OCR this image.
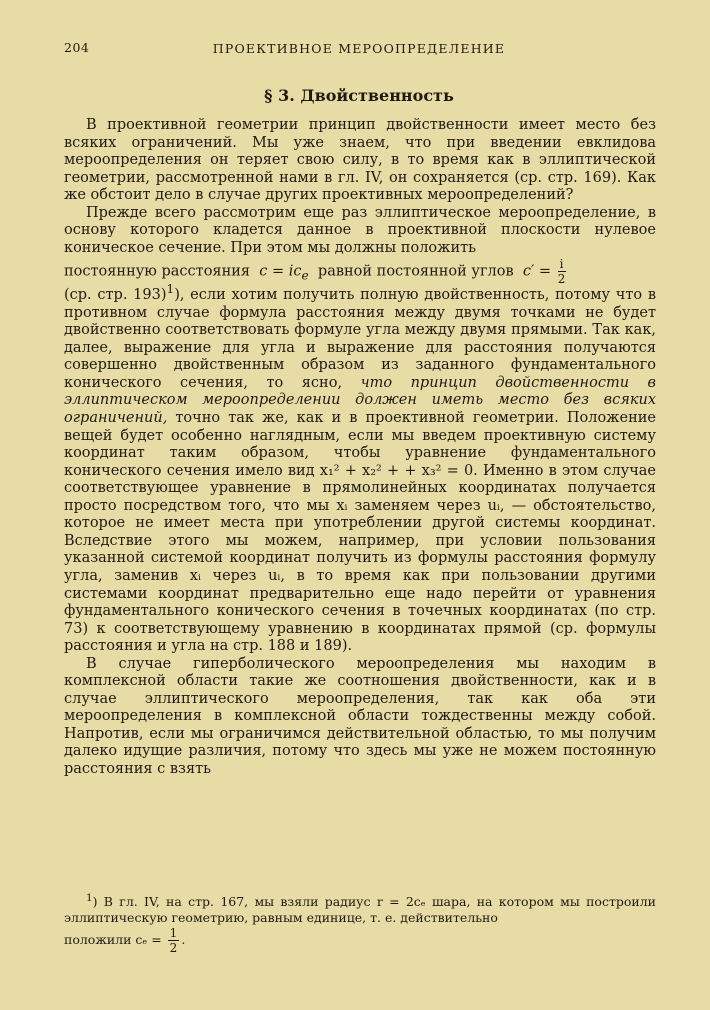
204	ПРОЕКТИВНОЕ МЕРООПРЕДЕЛЕНИЕ
§ 3. Двойственность

В проективной геометрии принцип двойственности имеет место без всяких ограничений. Мы уже знаем, что при введении евклидова мероопределения он теряет свою силу, в то время как в эллиптической геометрии, рассмотренной нами в гл. IV, он сохраняется (ср. стр. 169). Как же обстоит дело в случае других проективных мероопределений?

Прежде всего рассмотрим еще раз эллиптическое мероопределение, в основу которого кладется данное в проективной плоскости нулевое коническое сечение. При этом мы должны положить

постоянную расстояния $c = ic_e$ равной постоянной углов $c' = \frac{i}{2}$

(ср. стр. 193)$^1$), если хотим получить полную двойственность, потому что в противном случае формула расстояния между двумя точками не будет двойственно соответствовать формуле угла между двумя прямыми. Так как, далее, выражение для угла и выражение для расстояния получаются совершенно двойственным образом из заданного фундаментального конического сечения, то ясно, что принцип двойственности в эллиптическом мероопределении должен иметь место без всяких ограничений, точно так же, как и в проективной геометрии. Положение вещей будет особенно наглядным, если мы введем проективную систему координат таким образом, чтобы уравнение фундаментального конического сечения имело вид x₁² + x₂² + + x₃² = 0. Именно в этом случае соответствующее уравнение в прямолинейных координатах получается просто посредством того, что мы xᵢ заменяем через uᵢ, — обстоятельство, которое не имеет места при употреблении другой системы координат. Вследствие этого мы можем, например, при условии пользования указанной системой координат получить из формулы расстояния формулу угла, заменив xᵢ через uᵢ, в то время как при пользовании другими системами координат предварительно еще надо перейти от уравнения фундаментального конического сечения в точечных координатах (по стр. 73) к соответствующему уравнению в координатах прямой (ср. формулы расстояния и угла на стр. 188 и 189).

В случае гиперболического мероопределения мы находим в комплексной области такие же соотношения двойственности, как и в случае эллиптического мероопределения, так как оба эти мероопределения в комплексной области тождественны между собой. Напротив, если мы ограничимся действительной областью, то мы получим далеко идущие различия, потому что здесь мы уже не можем постоянную расстояния c взять

$^1$) В гл. IV, на стр. 167, мы взяли радиус r = 2cₑ шара, на котором мы построили эллиптическую геометрию, равным единице, т. е. действительно

положили $c_e = \frac{1}{2}$ .
